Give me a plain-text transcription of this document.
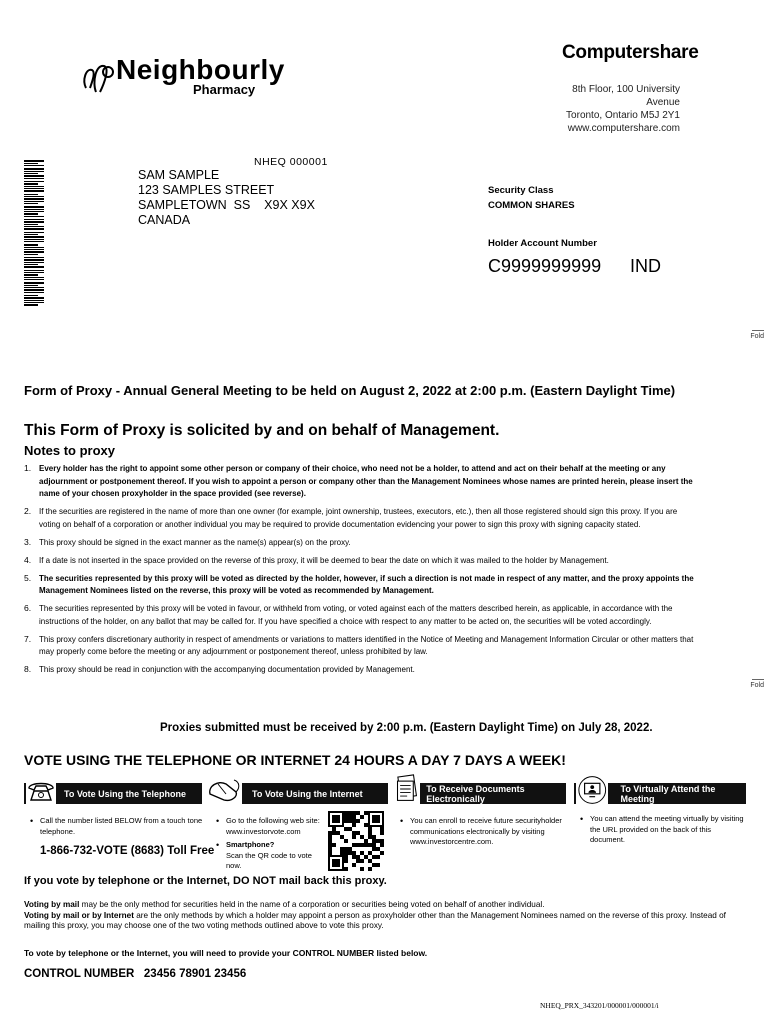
Neighbourly
Pharmacy
Computershare
8th Floor, 100 University Avenue
Toronto, Ontario M5J 2Y1
www.computershare.com
NHEQ 000001
SAM SAMPLE
123 SAMPLES STREET
SAMPLETOWN  SS    X9X X9X
CANADA
Security Class
COMMON SHARES
Holder Account Number
C9999999999 IND
Fold
Fold
Form of Proxy - Annual General Meeting to be held on August 2, 2022 at 2:00 p.m. (Eastern Daylight Time)
This Form of Proxy is solicited by and on behalf of Management.
Notes to proxy
1. Every holder has the right to appoint some other person or company of their choice, who need not be a holder, to attend and act on their behalf at the meeting or any adjournment or postponement thereof. If you wish to appoint a person or company other than the Management Nominees whose names are printed herein, please insert the name of your chosen proxyholder in the space provided (see reverse).
2. If the securities are registered in the name of more than one owner (for example, joint ownership, trustees, executors, etc.), then all those registered should sign this proxy. If you are voting on behalf of a corporation or another individual you may be required to provide documentation evidencing your power to sign this proxy with signing capacity stated.
3. This proxy should be signed in the exact manner as the name(s) appear(s) on the proxy.
4. If a date is not inserted in the space provided on the reverse of this proxy, it will be deemed to bear the date on which it was mailed to the holder by Management.
5. The securities represented by this proxy will be voted as directed by the holder, however, if such a direction is not made in respect of any matter, and the proxy appoints the Management Nominees listed on the reverse, this proxy will be voted as recommended by Management.
6. The securities represented by this proxy will be voted in favour, or withheld from voting, or voted against each of the matters described herein, as applicable, in accordance with the instructions of the holder, on any ballot that may be called for. If you have specified a choice with respect to any matter to be acted on, the securities will be voted accordingly.
7. This proxy confers discretionary authority in respect of amendments or variations to matters identified in the Notice of Meeting and Management Information Circular or other matters that may properly come before the meeting or any adjournment or postponement thereof, unless prohibited by law.
8. This proxy should be read in conjunction with the accompanying documentation provided by Management.
Proxies submitted must be received by 2:00 p.m. (Eastern Daylight Time) on July 28, 2022.
VOTE USING THE TELEPHONE OR INTERNET 24 HOURS A DAY 7 DAYS A WEEK!
To Vote Using the Telephone	To Vote Using the Internet	To Receive Documents Electronically
To Virtually Attend the Meeting
• Call the number listed BELOW from a touch tone telephone.
1-866-732-VOTE (8683) Toll Free
• Go to the following web site: www.investorvote.com
• Smartphone?
Scan the QR code to vote now.
• You can enroll to receive future securityholder communications electronically by visiting www.investorcentre.com.
• You can attend the meeting virtually by visiting the URL provided on the back of this document.
If you vote by telephone or the Internet, DO NOT mail back this proxy.
Voting by mail may be the only method for securities held in the name of a corporation or securities being voted on behalf of another individual.
Voting by mail or by Internet are the only methods by which a holder may appoint a person as proxyholder other than the Management Nominees named on the reverse of this proxy. Instead of mailing this proxy, you may choose one of the two voting methods outlined above to vote this proxy.
To vote by telephone or the Internet, you will need to provide your CONTROL NUMBER listed below.
CONTROL NUMBER 23456 78901 23456
NHEQ_PRX_343201/000001/000001/i
